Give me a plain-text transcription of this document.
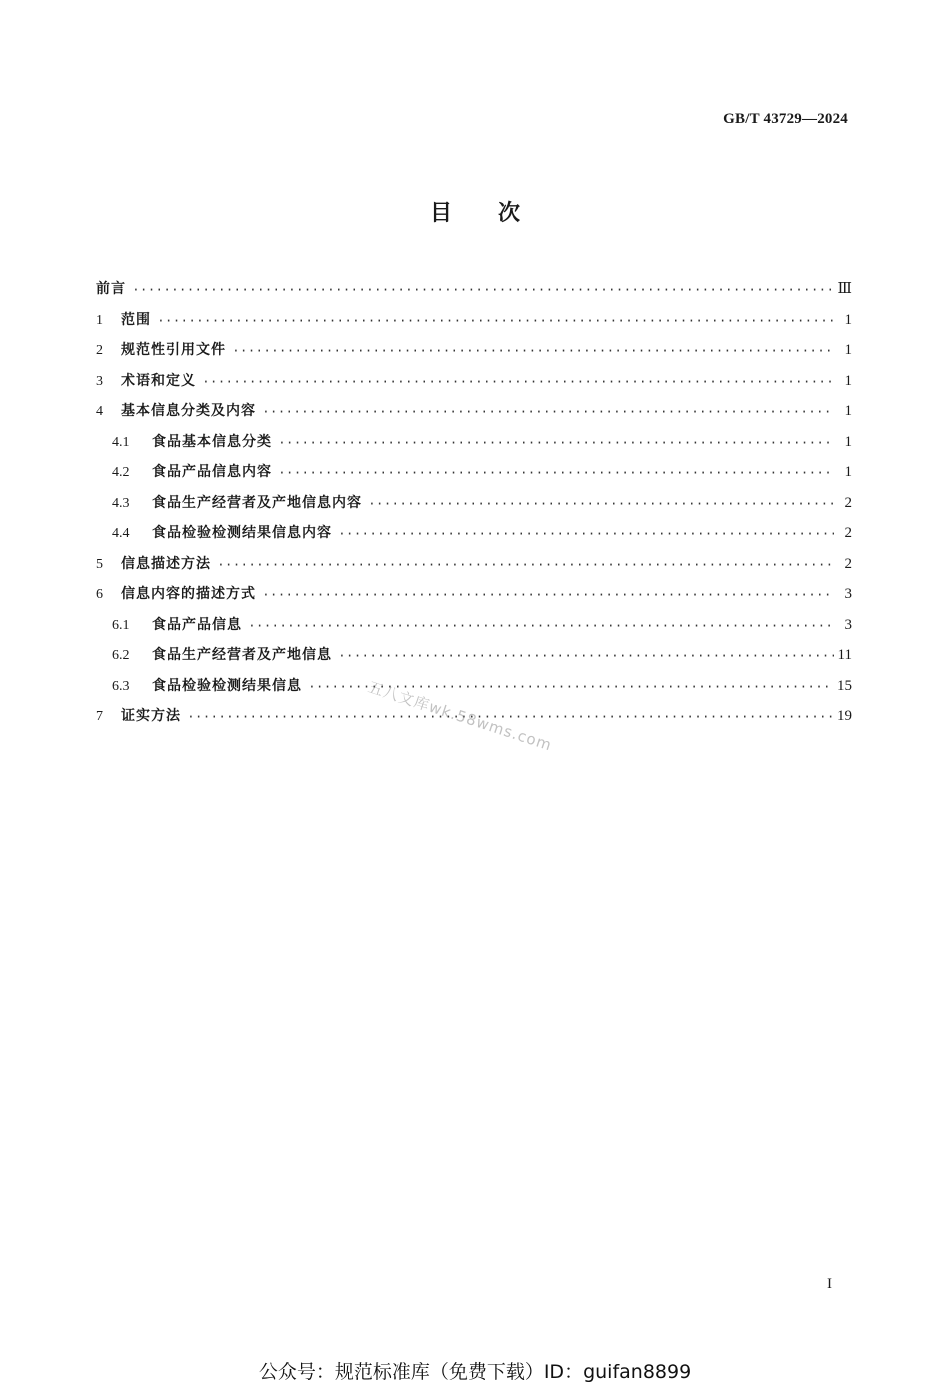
GB/T 43729—2024
目次
前言 ·····	Ⅲ
1	范围 ·····	1
2	规范性引用文件 ·····	1
3	术语和定义 ·····	1
4	基本信息分类及内容 ·····	1
4.1	食品基本信息分类 ·····	1
4.2	食品产品信息内容 ·····	1
4.3	食品生产经营者及产地信息内容 ·····	2
4.4	食品检验检测结果信息内容 ·····	2
5	信息描述方法 ·····	2
6	信息内容的描述方式 ·····	3
6.1	食品产品信息 ·····	3
6.2	食品生产经营者及产地信息 ·····	11
6.3	食品检验检测结果信息 ·····	15
7	证实方法 ·····	19
五八文库wk.58wms.com
I
公众号：规范标准库（免费下载）ID：guifan8899
